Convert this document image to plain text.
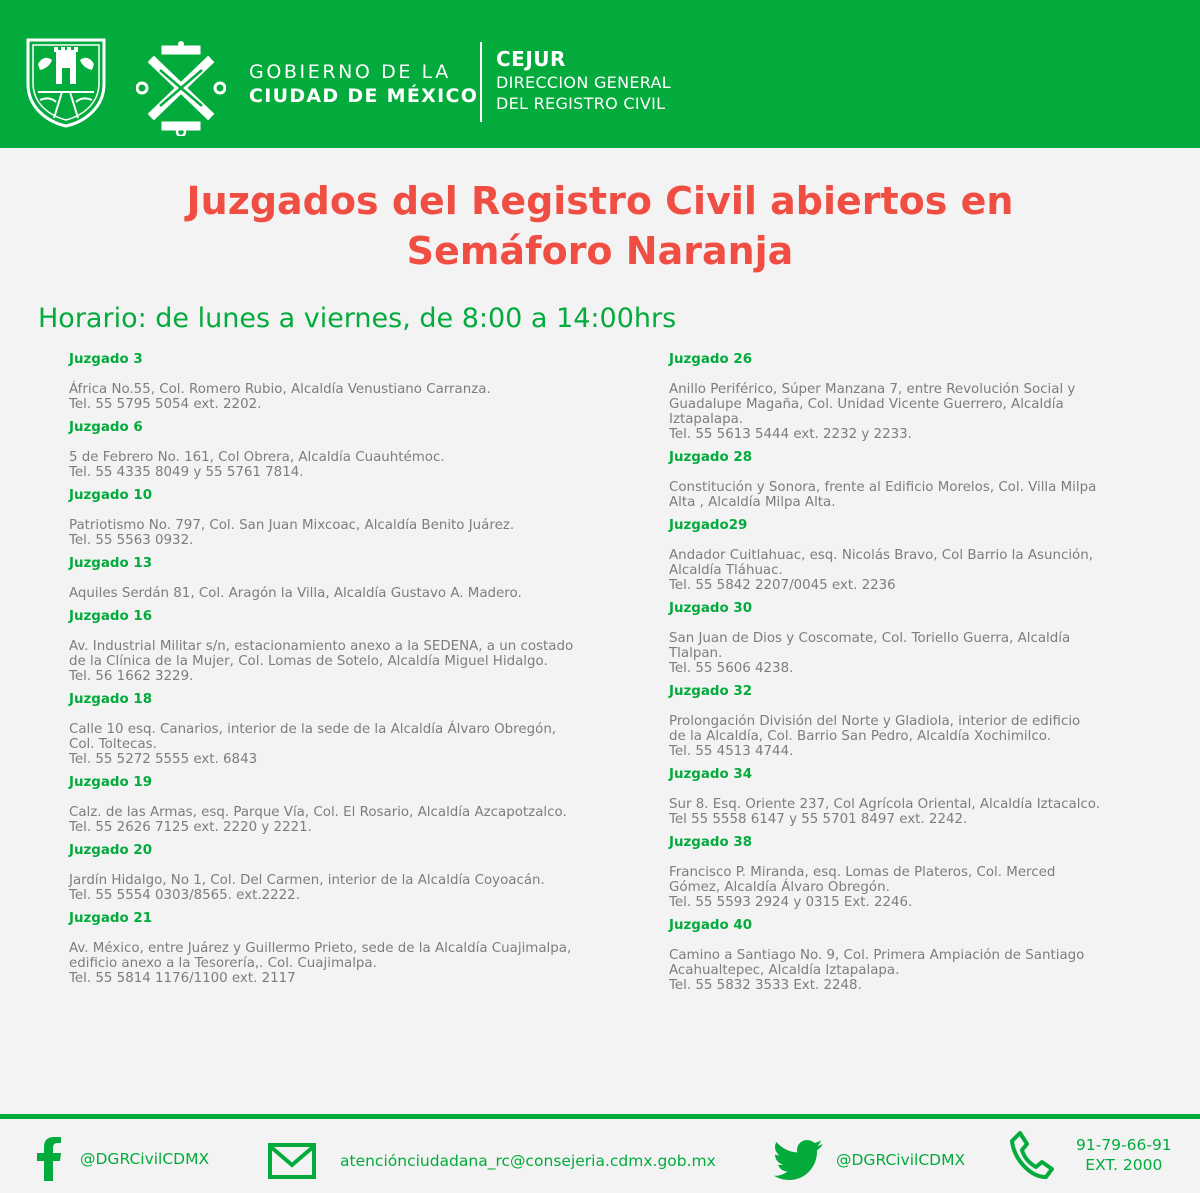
GOBIERNO DE LA
CIUDAD DE MÉXICO
CEJUR
DIRECCION GENERAL
DEL REGISTRO CIVIL
Juzgados del Registro Civil abiertos en
Semáforo Naranja
Horario: de lunes a viernes, de 8:00 a 14:00hrs
Juzgado 3
África No.55, Col. Romero Rubio, Alcaldía Venustiano Carranza.
Tel. 55 5795 5054 ext. 2202.
Juzgado 6
5 de Febrero No. 161, Col Obrera, Alcaldía Cuauhtémoc.
Tel. 55 4335 8049 y 55 5761 7814.
Juzgado 10
Patriotismo No. 797, Col. San Juan Mixcoac, Alcaldía Benito Juárez.
Tel. 55 5563 0932.
Juzgado 13
Aquiles Serdán 81, Col. Aragón la Villa, Alcaldía Gustavo A. Madero.
Juzgado 16
Av. Industrial Militar s/n, estacionamiento anexo a la SEDENA, a un costado
de la Clínica de la Mujer, Col. Lomas de Sotelo, Alcaldía Miguel Hidalgo.
Tel. 56 1662 3229.
Juzgado 18
Calle 10 esq. Canarios, interior de la sede de la Alcaldía Álvaro Obregón,
Col. Toltecas.
Tel. 55 5272 5555 ext. 6843
Juzgado 19
Calz. de las Armas, esq. Parque Vía, Col. El Rosario, Alcaldía Azcapotzalco.
Tel. 55 2626 7125 ext. 2220 y 2221.
Juzgado 20
Jardín Hidalgo, No 1, Col. Del Carmen, interior de la Alcaldía Coyoacán.
Tel. 55 5554 0303/8565. ext.2222.
Juzgado 21
Av. México, entre Juárez y Guillermo Prieto, sede de la Alcaldía Cuajimalpa,
edificio anexo a la Tesorería,. Col. Cuajimalpa.
Tel. 55 5814 1176/1100 ext. 2117
Juzgado 26
Anillo Periférico, Súper Manzana 7, entre Revolución Social y
Guadalupe Magaña, Col. Unidad Vicente Guerrero, Alcaldía
Iztapalapa.
Tel. 55 5613 5444 ext. 2232 y 2233.
Juzgado 28
Constitución y Sonora, frente al Edificio Morelos, Col. Villa Milpa
Alta , Alcaldía Milpa Alta.
Juzgado29
Andador Cuitlahuac, esq. Nicolás Bravo, Col Barrio la Asunción,
Alcaldía Tláhuac.
Tel. 55 5842 2207/0045 ext. 2236
Juzgado 30
San Juan de Dios y Coscomate, Col. Toriello Guerra, Alcaldía
Tlalpan.
Tel. 55 5606 4238.
Juzgado 32
Prolongación División del Norte y Gladiola, interior de edificio
de la Alcaldía, Col. Barrio San Pedro, Alcaldía Xochimilco.
Tel. 55 4513 4744.
Juzgado 34
Sur 8. Esq. Oriente 237, Col Agrícola Oriental, Alcaldía Iztacalco.
Tel 55 5558 6147 y 55 5701 8497 ext. 2242.
Juzgado 38
Francisco P. Miranda, esq. Lomas de Plateros, Col. Merced
Gómez, Alcaldía Álvaro Obregón.
Tel. 55 5593 2924 y 0315 Ext. 2246.
Juzgado 40
Camino a Santiago No. 9, Col. Primera Ampiación de Santiago
Acahualtepec, Alcaldía Iztapalapa.
Tel. 55 5832 3533 Ext. 2248.
@DGRCivilCDMX	atenciónciudadana_rc@consejeria.cdmx.gob.mx	@DGRCivilCDMX
91-79-66-91
EXT. 2000
